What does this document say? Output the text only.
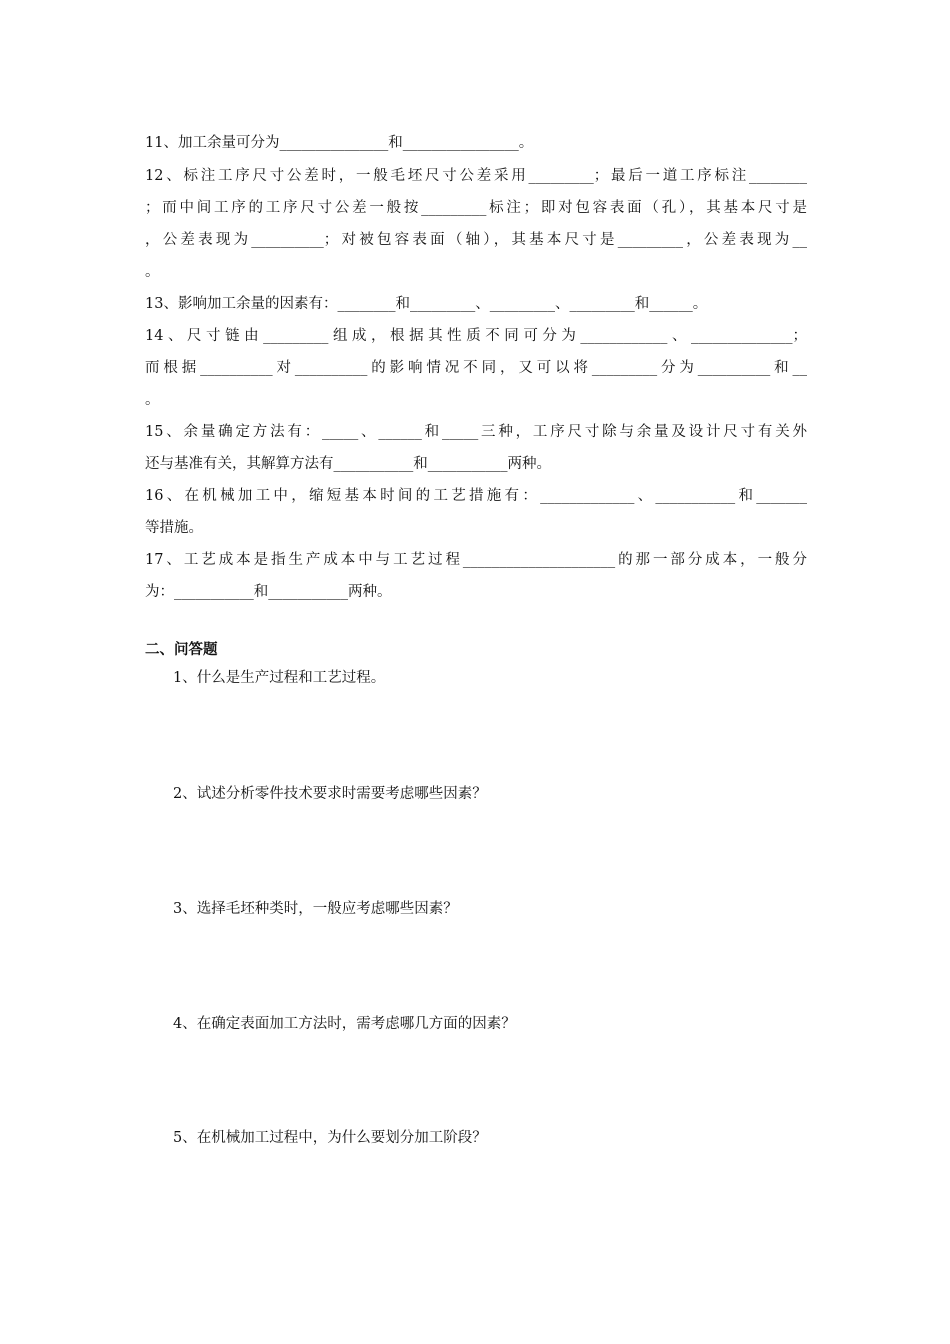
11、加工余量可分为_______________和________________。
12、标注工序尺寸公差时，一般毛坯尺寸公差采用_________；最后一道工序标注________
；而中间工序的工序尺寸公差一般按_________标注；即对包容表面（孔），其基本尺寸是
，公差表现为__________；对被包容表面（轴），其基本尺寸是_________，公差表现为__
。
13、影响加工余量的因素有：________和_________、_________、_________和______。
14、尺寸链由_________组成，根据其性质不同可分为____________、______________；
而根据__________对__________的影响情况不同，又可以将_________分为__________和__
。
15、余量确定方法有：_____、______和_____三种，工序尺寸除与余量及设计尺寸有关外
还与基准有关，其解算方法有___________和___________两种。
16、在机械加工中，缩短基本时间的工艺措施有：_____________、___________和_______
等措施。
17、工艺成本是指生产成本中与工艺过程_____________________的那一部分成本，一般分
为：___________和___________两种。
二、问答题
1、什么是生产过程和工艺过程。
2、试述分析零件技术要求时需要考虑哪些因素？
3、选择毛坯种类时，一般应考虑哪些因素？
4、在确定表面加工方法时，需考虑哪几方面的因素？
5、在机械加工过程中，为什么要划分加工阶段？
